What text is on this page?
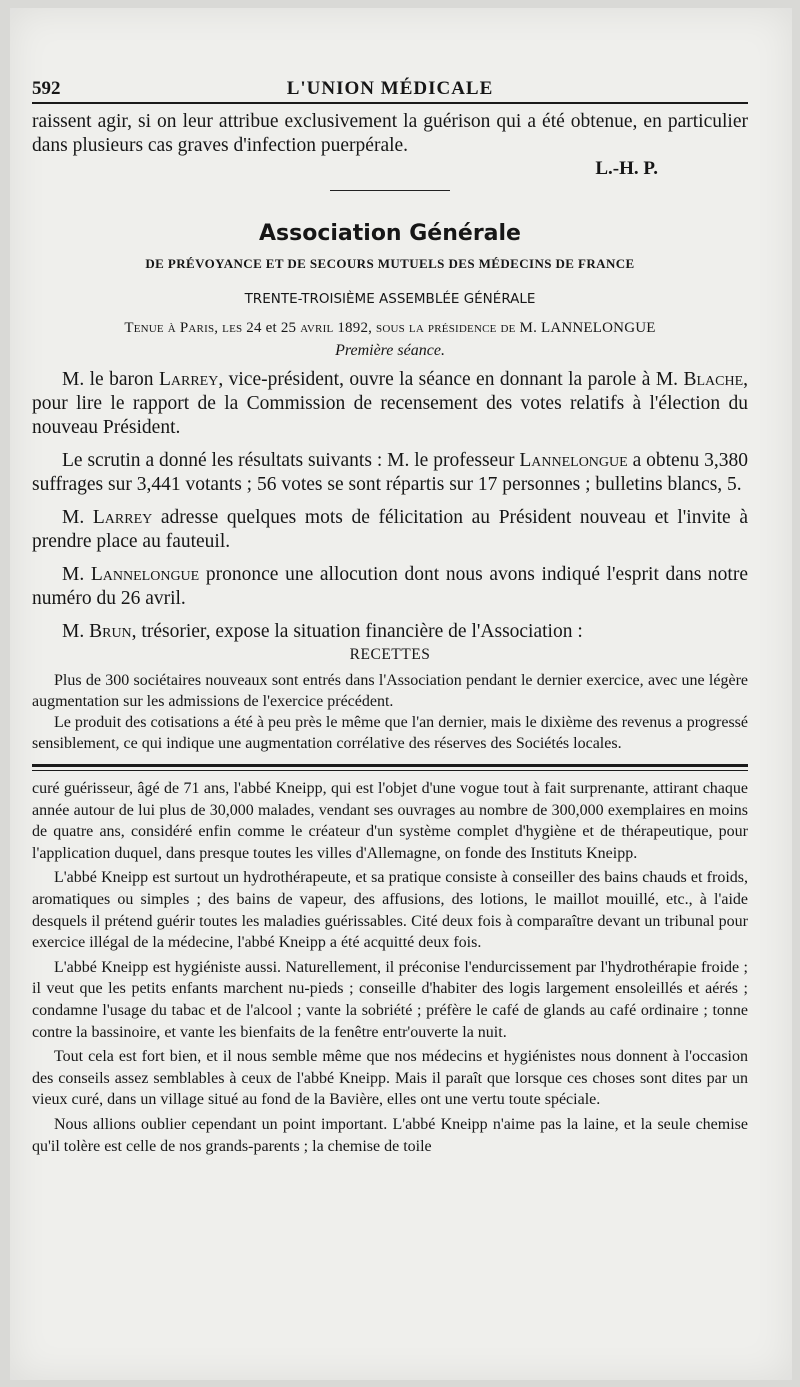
592	L'UNION MÉDICALE

raissent agir, si on leur attribue exclusivement la guérison qui a été obtenue, en particulier dans plusieurs cas graves d'infection puerpérale.

L.-H. P.
Association Générale
DE PRÉVOYANCE ET DE SECOURS MUTUELS DES MÉDECINS DE FRANCE
TRENTE-TROISIÈME ASSEMBLÉE GÉNÉRALE
Tenue à Paris, les 24 et 25 avril 1892, sous la présidence de M. LANNELONGUE
Première séance.

M. le baron Larrey, vice-président, ouvre la séance en donnant la parole à M. Blache, pour lire le rapport de la Commission de recensement des votes relatifs à l'élection du nouveau Président.

Le scrutin a donné les résultats suivants : M. le professeur Lannelongue a obtenu 3,380 suffrages sur 3,441 votants ; 56 votes se sont répartis sur 17 personnes ; bulletins blancs, 5.

M. Larrey adresse quelques mots de félicitation au Président nouveau et l'invite à prendre place au fauteuil.

M. Lannelongue prononce une allocution dont nous avons indiqué l'esprit dans notre numéro du 26 avril.

M. Brun, trésorier, expose la situation financière de l'Association :

RECETTES

Plus de 300 sociétaires nouveaux sont entrés dans l'Association pendant le dernier exercice, avec une légère augmentation sur les admissions de l'exercice précédent.

Le produit des cotisations a été à peu près le même que l'an dernier, mais le dixième des revenus a progressé sensiblement, ce qui indique une augmentation corrélative des réserves des Sociétés locales.

curé guérisseur, âgé de 71 ans, l'abbé Kneipp, qui est l'objet d'une vogue tout à fait surprenante, attirant chaque année autour de lui plus de 30,000 malades, vendant ses ouvrages au nombre de 300,000 exemplaires en moins de quatre ans, considéré enfin comme le créateur d'un système complet d'hygiène et de thérapeutique, pour l'application duquel, dans presque toutes les villes d'Allemagne, on fonde des Instituts Kneipp.

L'abbé Kneipp est surtout un hydrothérapeute, et sa pratique consiste à conseiller des bains chauds et froids, aromatiques ou simples ; des bains de vapeur, des affusions, des lotions, le maillot mouillé, etc., à l'aide desquels il prétend guérir toutes les maladies guérissables. Cité deux fois à comparaître devant un tribunal pour exercice illégal de la médecine, l'abbé Kneipp a été acquitté deux fois.

L'abbé Kneipp est hygiéniste aussi. Naturellement, il préconise l'endurcissement par l'hydrothérapie froide ; il veut que les petits enfants marchent nu-pieds ; conseille d'habiter des logis largement ensoleillés et aérés ; condamne l'usage du tabac et de l'alcool ; vante la sobriété ; préfère le café de glands au café ordinaire ; tonne contre la bassinoire, et vante les bienfaits de la fenêtre entr'ouverte la nuit.

Tout cela est fort bien, et il nous semble même que nos médecins et hygiénistes nous donnent à l'occasion des conseils assez semblables à ceux de l'abbé Kneipp. Mais il paraît que lorsque ces choses sont dites par un vieux curé, dans un village situé au fond de la Bavière, elles ont une vertu toute spéciale.

Nous allions oublier cependant un point important. L'abbé Kneipp n'aime pas la laine, et la seule chemise qu'il tolère est celle de nos grands-parents ; la chemise de toile
